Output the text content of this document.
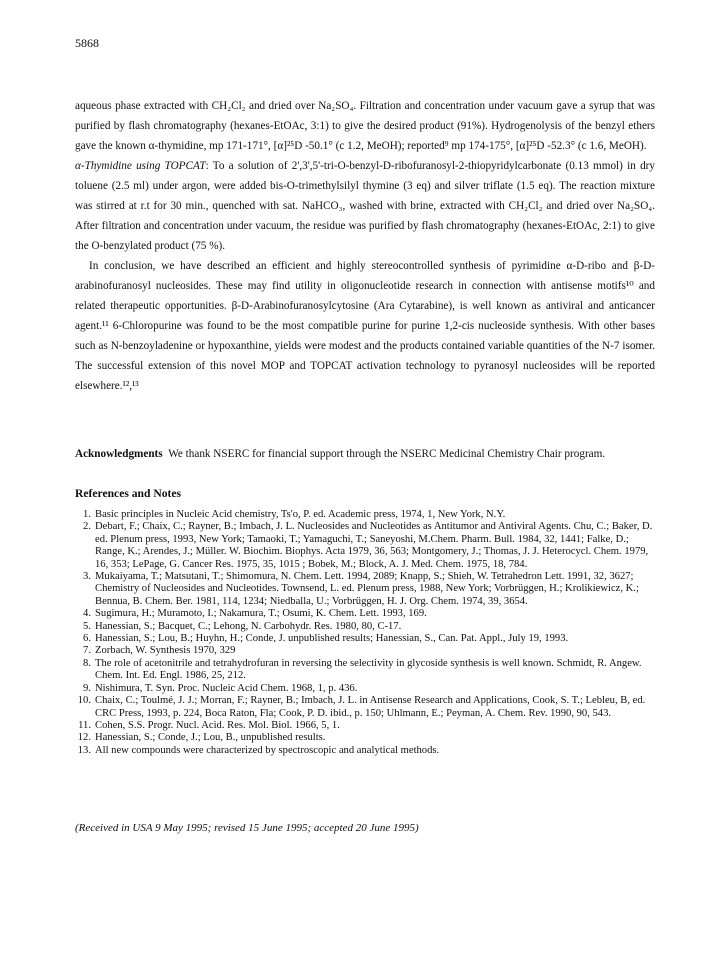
5868

aqueous phase extracted with CH₂Cl₂ and dried over Na₂SO₄. Filtration and concentration under vacuum gave a syrup that was purified by flash chromatography (hexanes-EtOAc, 3:1) to give the desired product (91%). Hydrogenolysis of the benzyl ethers gave the known α-thymidine, mp 171-171°, [α]²⁵D -50.1° (c 1.2, MeOH); reported⁹ mp 174-175°, [α]²⁵D -52.3° (c 1.6, MeOH).

α-Thymidine using TOPCAT: To a solution of 2',3',5'-tri-O-benzyl-D-ribofuranosyl-2-thiopyridylcarbonate (0.13 mmol) in dry toluene (2.5 ml) under argon, were added bis-O-trimethylsilyl thymine (3 eq) and silver triflate (1.5 eq). The reaction mixture was stirred at r.t for 30 min., quenched with sat. NaHCO₃, washed with brine, extracted with CH₂Cl₂ and dried over Na₂SO₄. After filtration and concentration under vacuum, the residue was purified by flash chromatography (hexanes-EtOAc, 2:1) to give the O-benzylated product (75 %).

In conclusion, we have described an efficient and highly stereocontrolled synthesis of pyrimidine α-D-ribo and β-D-arabinofuranosyl nucleosides. These may find utility in oligonucleotide research in connection with antisense motifs¹⁰ and related therapeutic opportunities. β-D-Arabinofuranosylcytosine (Ara Cytarabine), is well known as antiviral and anticancer agent.¹¹ 6-Chloropurine was found to be the most compatible purine for purine 1,2-cis nucleoside synthesis. With other bases such as N-benzoyladenine or hypoxanthine, yields were modest and the products contained variable quantities of the N-7 isomer. The successful extension of this novel MOP and TOPCAT activation technology to pyranosyl nucleosides will be reported elsewhere.¹²,¹³

Acknowledgments We thank NSERC for financial support through the NSERC Medicinal Chemistry Chair program.
References and Notes
1. Basic principles in Nucleic Acid chemistry, Ts'o, P. ed. Academic press, 1974, 1, New York, N.Y.
2. Debart, F.; Chaix, C.; Rayner, B.; Imbach, J. L. Nucleosides and Nucleotides as Antitumor and Antiviral Agents. Chu, C.; Baker, D. ed. Plenum press, 1993, New York; Tamaoki, T.; Yamaguchi, T.; Saneyoshi, M.Chem. Pharm. Bull. 1984, 32, 1441; Falke, D.; Range, K.; Arendes, J.; Müller. W. Biochim. Biophys. Acta 1979, 36, 563; Montgomery, J.; Thomas, J. J. Heterocycl. Chem. 1979, 16, 353; LePage, G. Cancer Res. 1975, 35, 1015 ; Bobek, M.; Block, A. J. Med. Chem. 1975, 18, 784.
3. Mukaiyama, T.; Matsutani, T.; Shimomura, N. Chem. Lett. 1994, 2089; Knapp, S.; Shieh, W. Tetrahedron Lett. 1991, 32, 3627; Chemistry of Nucleosides and Nucleotides. Townsend, L. ed. Plenum press, 1988, New York; Vorbrüggen, H.; Krolikiewicz, K.; Bennua, B. Chem. Ber. 1981, 114, 1234; Niedballa, U.; Vorbrüggen, H. J. Org. Chem. 1974, 39, 3654.
4. Sugimura, H.; Muramoto, I.; Nakamura, T.; Osumi, K. Chem. Lett. 1993, 169.
5. Hanessian, S.; Bacquet, C.; Lehong, N. Carbohydr. Res. 1980, 80, C-17.
6. Hanessian, S.; Lou, B.; Huyhn, H.; Conde, J. unpublished results; Hanessian, S., Can. Pat. Appl., July 19, 1993.
7. Zorbach, W. Synthesis 1970, 329
8. The role of acetonitrile and tetrahydrofuran in reversing the selectivity in glycoside synthesis is well known. Schmidt, R. Angew. Chem. Int. Ed. Engl. 1986, 25, 212.
9. Nishimura, T. Syn. Proc. Nucleic Acid Chem. 1968, 1, p. 436.
10. Chaix, C.; Toulmé, J. J.; Morran, F.; Rayner, B.; Imbach, J. L. in Antisense Research and Applications, Cook, S. T.; Lebleu, B, ed. CRC Press, 1993, p. 224, Boca Raton, Fla; Cook, P. D. ibid., p. 150; Uhlmann, E.; Peyman, A. Chem. Rev. 1990, 90, 543.
11. Cohen, S.S. Progr. Nucl. Acid. Res. Mol. Biol. 1966, 5, 1.
12. Hanessian, S.; Conde, J.; Lou, B., unpublished results.
13. All new compounds were characterized by spectroscopic and analytical methods.
(Received in USA 9 May 1995; revised 15 June 1995; accepted 20 June 1995)
